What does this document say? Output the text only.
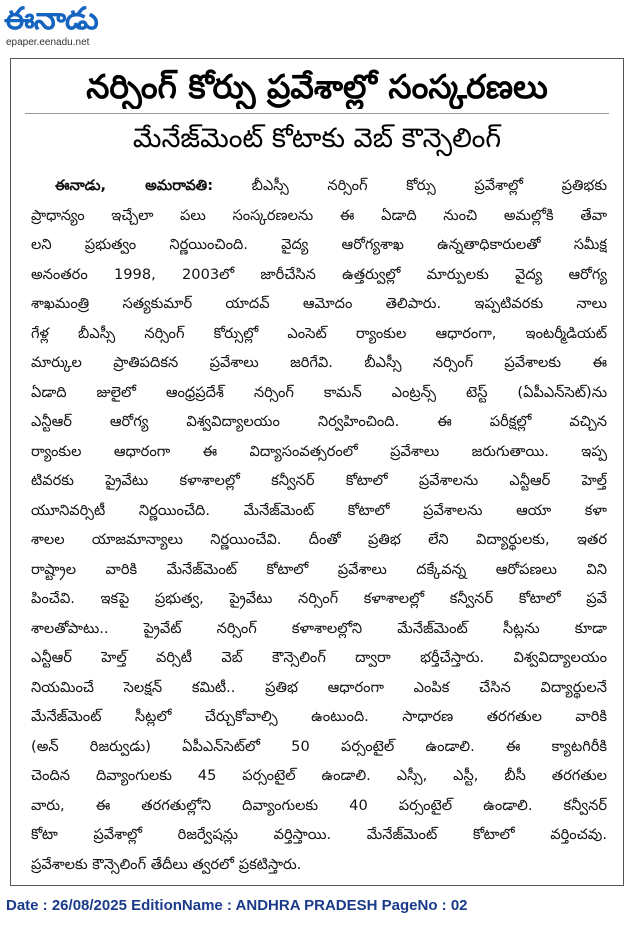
ఈనాడు
epaper.eenadu.net
నర్సింగ్ కోర్సు ప్రవేశాల్లో సంస్కరణలు
మేనేజ్‌మెంట్ కోటాకు వెబ్ కౌన్సెలింగ్
ఈనాడు, అమరావతి:	బీఎస్సీ నర్సింగ్ కోర్సు ప్రవేశాల్లో ప్రతిభకు
ప్రాధాన్యం ఇచ్చేలా పలు సంస్కరణలను ఈ ఏడాది నుంచి అమల్లోకి తేవా
లని ప్రభుత్వం నిర్ణయించింది. వైద్య ఆరోగ్యశాఖ ఉన్నతాధికారులతో సమీక్ష
అనంతరం 1998, 2003లో జారీచేసిన ఉత్తర్వుల్లో మార్పులకు వైద్య ఆరోగ్య
శాఖమంత్రి సత్యకుమార్ యాదవ్ ఆమోదం తెలిపారు. ఇప్పటివరకు నాలు
గేళ్ల బీఎస్సీ నర్సింగ్ కోర్సుల్లో ఎంసెట్ ర్యాంకుల ఆధారంగా, ఇంటర్మీడియట్
మార్కుల ప్రాతిపదికన ప్రవేశాలు జరిగేవి. బీఎస్సీ నర్సింగ్ ప్రవేశాలకు ఈ
ఏడాది జులైలో ఆంధ్రప్రదేశ్ నర్సింగ్ కామన్ ఎంట్రన్స్ టెస్ట్ (ఏపీఎన్‌సెట్)ను
ఎన్టీఆర్ ఆరోగ్య విశ్వవిద్యాలయం నిర్వహించింది. ఈ పరీక్షల్లో వచ్చిన
ర్యాంకుల ఆధారంగా ఈ విద్యాసంవత్సరంలో ప్రవేశాలు జరుగుతాయి. ఇప్ప
టివరకు ప్రైవేటు కళాశాలల్లో కన్వీనర్ కోటాలో ప్రవేశాలను ఎన్టీఆర్ హెల్త్
యూనివర్సిటీ నిర్ణయించేది. మేనేజ్‌మెంట్ కోటాలో ప్రవేశాలను ఆయా కళా
శాలల యాజమాన్యాలు నిర్ణయించేవి. దీంతో ప్రతిభ లేని విద్యార్థులకు, ఇతర
రాష్ట్రాల వారికి మేనేజ్‌మెంట్ కోటాలో ప్రవేశాలు దక్కేవన్న ఆరోపణలు విని
పించేవి. ఇకపై ప్రభుత్వ, ప్రైవేటు నర్సింగ్ కళాశాలల్లో కన్వీనర్ కోటాలో ప్రవే
శాలతోపాటు.. ప్రైవేట్ నర్సింగ్ కళాశాలల్లోని మేనేజ్‌మెంట్ సీట్లను కూడా
ఎన్టీఆర్ హెల్త్ వర్సిటీ వెబ్ కౌన్సెలింగ్ ద్వారా భర్తీచేస్తారు. విశ్వవిద్యాలయం
నియమించే సెలక్షన్ కమిటీ.. ప్రతిభ ఆధారంగా ఎంపిక చేసిన విద్యార్థులనే
మేనేజ్‌మెంట్ సీట్లలో చేర్చుకోవాల్సి ఉంటుంది. సాధారణ తరగతుల వారికి
(అన్ రిజర్వుడు) ఏపీఎన్‌సెట్‌లో 50 పర్సంటైల్ ఉండాలి. ఈ క్యాటగిరీకి
చెందిన దివ్యాంగులకు 45 పర్సంటైల్ ఉండాలి. ఎస్సీ, ఎస్టీ, బీసీ తరగతుల
వారు, ఈ తరగతుల్లోని దివ్యాంగులకు 40 పర్సంటైల్ ఉండాలి. కన్వీనర్
కోటా ప్రవేశాల్లో రిజర్వేషన్లు వర్తిస్తాయి. మేనేజ్‌మెంట్ కోటాలో వర్తించవు.
ప్రవేశాలకు కౌన్సెలింగ్ తేదీలు త్వరలో ప్రకటిస్తారు.
Date : 26/08/2025 EditionName : ANDHRA PRADESH PageNo : 02
